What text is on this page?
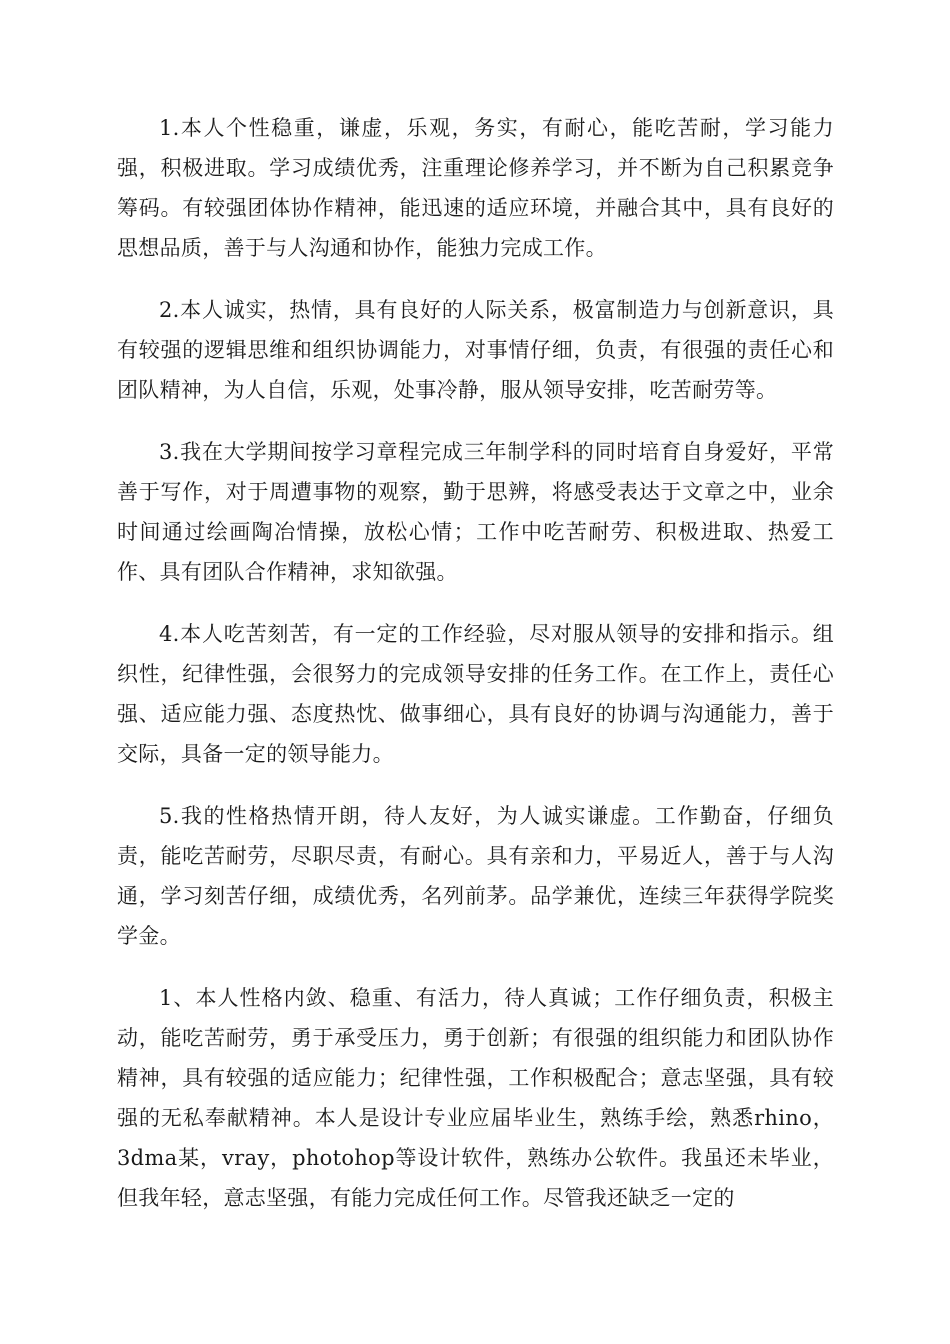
1.本人个性稳重，谦虚，乐观，务实，有耐心，能吃苦耐，学习能力强，积极进取。学习成绩优秀，注重理论修养学习，并不断为自己积累竞争筹码。有较强团体协作精神，能迅速的适应环境，并融合其中，具有良好的思想品质，善于与人沟通和协作，能独力完成工作。

2.本人诚实，热情，具有良好的人际关系，极富制造力与创新意识，具有较强的逻辑思维和组织协调能力，对事情仔细，负责，有很强的责任心和团队精神，为人自信，乐观，处事冷静，服从领导安排，吃苦耐劳等。

3.我在大学期间按学习章程完成三年制学科的同时培育自身爱好，平常善于写作，对于周遭事物的观察，勤于思辨，将感受表达于文章之中，业余时间通过绘画陶冶情操，放松心情；工作中吃苦耐劳、积极进取、热爱工作、具有团队合作精神，求知欲强。

4.本人吃苦刻苦，有一定的工作经验，尽对服从领导的安排和指示。组织性，纪律性强，会很努力的完成领导安排的任务工作。在工作上，责任心强、适应能力强、态度热忱、做事细心，具有良好的协调与沟通能力，善于交际，具备一定的领导能力。

5.我的性格热情开朗，待人友好，为人诚实谦虚。工作勤奋，仔细负责，能吃苦耐劳，尽职尽责，有耐心。具有亲和力，平易近人，善于与人沟通，学习刻苦仔细，成绩优秀，名列前茅。品学兼优，连续三年获得学院奖学金。

1、本人性格内敛、稳重、有活力，待人真诚；工作仔细负责，积极主动，能吃苦耐劳，勇于承受压力，勇于创新；有很强的组织能力和团队协作精神，具有较强的适应能力；纪律性强，工作积极配合；意志坚强，具有较强的无私奉献精神。本人是设计专业应届毕业生，熟练手绘，熟悉rhino，3dma某，vray，photohop等设计软件，熟练办公软件。我虽还未毕业，但我年轻，意志坚强，有能力完成任何工作。尽管我还缺乏一定的
